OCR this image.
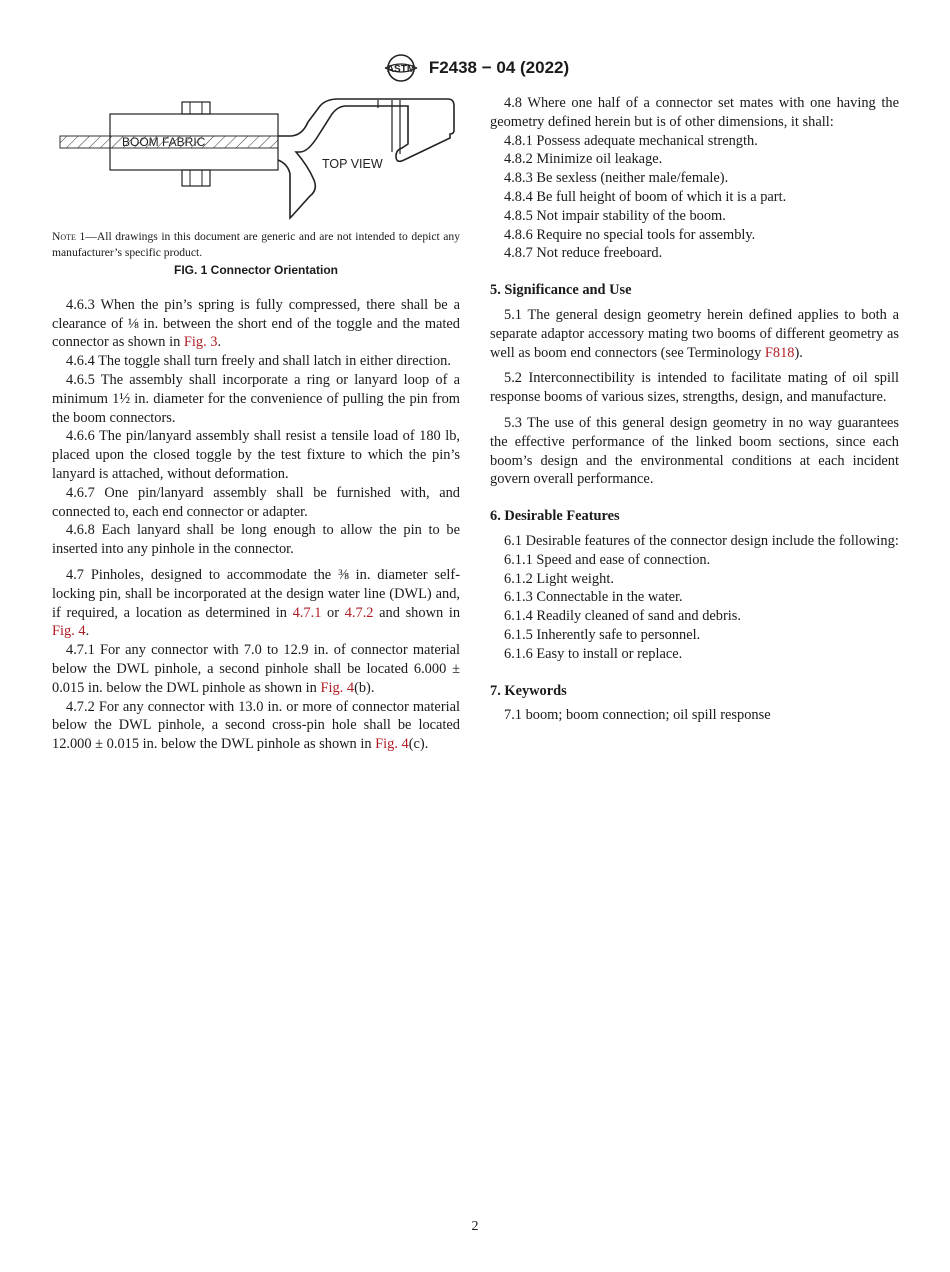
ASTM F2438 − 04 (2022)
BOOM FABRIC
TOP VIEW
Note 1—All drawings in this document are generic and are not intended to depict any manufacturer’s specific product.
FIG. 1 Connector Orientation

4.6.3 When the pin’s spring is fully compressed, there shall be a clearance of ⅛ in. between the short end of the toggle and the mated connector as shown in Fig. 3.

4.6.4 The toggle shall turn freely and shall latch in either direction.

4.6.5 The assembly shall incorporate a ring or lanyard loop of a minimum 1½ in. diameter for the convenience of pulling the pin from the boom connectors.

4.6.6 The pin/lanyard assembly shall resist a tensile load of 180 lb, placed upon the closed toggle by the test fixture to which the pin’s lanyard is attached, without deformation.

4.6.7 One pin/lanyard assembly shall be furnished with, and connected to, each end connector or adapter.

4.6.8 Each lanyard shall be long enough to allow the pin to be inserted into any pinhole in the connector.

4.7 Pinholes, designed to accommodate the ⅜ in. diameter self-locking pin, shall be incorporated at the design water line (DWL) and, if required, a location as determined in 4.7.1 or 4.7.2 and shown in Fig. 4.

4.7.1 For any connector with 7.0 to 12.9 in. of connector material below the DWL pinhole, a second pinhole shall be located 6.000 ± 0.015 in. below the DWL pinhole as shown in Fig. 4(b).

4.7.2 For any connector with 13.0 in. or more of connector material below the DWL pinhole, a second cross-pin hole shall be located 12.000 ± 0.015 in. below the DWL pinhole as shown in Fig. 4(c).

4.8 Where one half of a connector set mates with one having the geometry defined herein but is of other dimensions, it shall:

4.8.1 Possess adequate mechanical strength.

4.8.2 Minimize oil leakage.

4.8.3 Be sexless (neither male/female).

4.8.4 Be full height of boom of which it is a part.

4.8.5 Not impair stability of the boom.

4.8.6 Require no special tools for assembly.

4.8.7 Not reduce freeboard.

5. Significance and Use

5.1 The general design geometry herein defined applies to both a separate adaptor accessory mating two booms of different geometry as well as boom end connectors (see Terminology F818).

5.2 Interconnectibility is intended to facilitate mating of oil spill response booms of various sizes, strengths, design, and manufacture.

5.3 The use of this general design geometry in no way guarantees the effective performance of the linked boom sections, since each boom’s design and the environmental conditions at each incident govern overall performance.

6. Desirable Features

6.1 Desirable features of the connector design include the following:

6.1.1 Speed and ease of connection.

6.1.2 Light weight.

6.1.3 Connectable in the water.

6.1.4 Readily cleaned of sand and debris.

6.1.5 Inherently safe to personnel.

6.1.6 Easy to install or replace.

7. Keywords

7.1 boom; boom connection; oil spill response

2
